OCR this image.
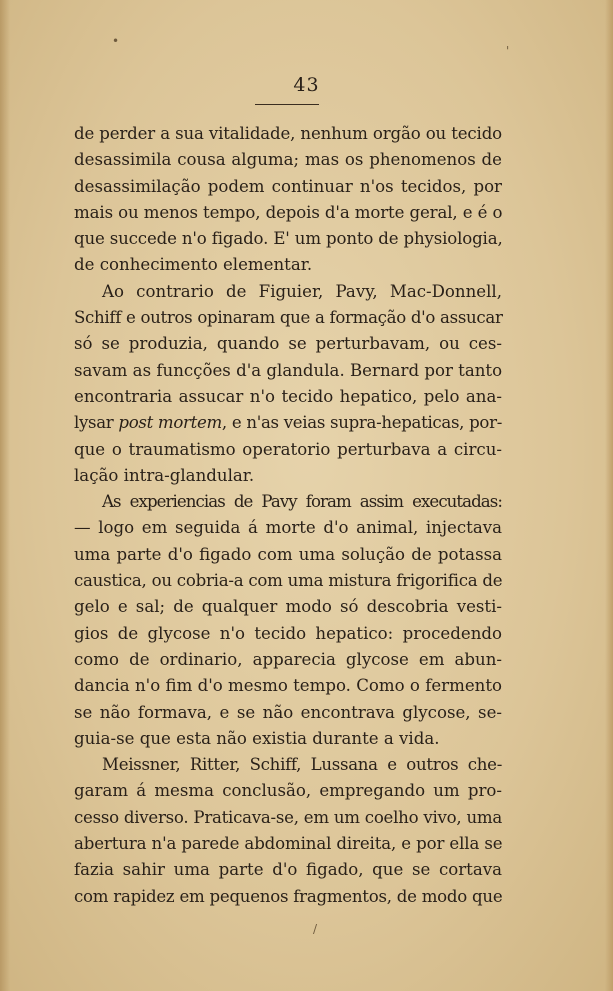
43

de perder a sua vitalidade, nenhum orgão ou tecido
desassimila cousa alguma; mas os phenomenos de
desassimilação podem continuar n'os tecidos, por
mais ou menos tempo, depois d'a morte geral, e é o
que succede n'o figado. E' um ponto de physiologia,
de conhecimento elementar.

Ao contrario de Figuier, Pavy, Mac-Donnell,
Schiff e outros opinaram que a formação d'o assucar
só se produzia, quando se perturbavam, ou ces-
savam as funcções d'a glandula. Bernard por tanto
encontraria assucar n'o tecido hepatico, pelo ana-
lysar post mortem, e n'as veias supra-hepaticas, por-
que o traumatismo operatorio perturbava a circu-
lação intra-glandular.

As experiencias de Pavy foram assim executadas:
— logo em seguida á morte d'o animal, injectava
uma parte d'o figado com uma solução de potassa
caustica, ou cobria-a com uma mistura frigorifica de
gelo e sal; de qualquer modo só descobria vesti-
gios de glycose n'o tecido hepatico: procedendo
como de ordinario, apparecia glycose em abun-
dancia n'o fim d'o mesmo tempo. Como o fermento
se não formava, e se não encontrava glycose, se-
guia-se que esta não existia durante a vida.

Meissner, Ritter, Schiff, Lussana e outros che-
garam á mesma conclusão, empregando um pro-
cesso diverso. Praticava-se, em um coelho vivo, uma
abertura n'a parede abdominal direita, e por ella se
fazia sahir uma parte d'o figado, que se cortava
com rapidez em pequenos fragmentos, de modo que

•
'
/
